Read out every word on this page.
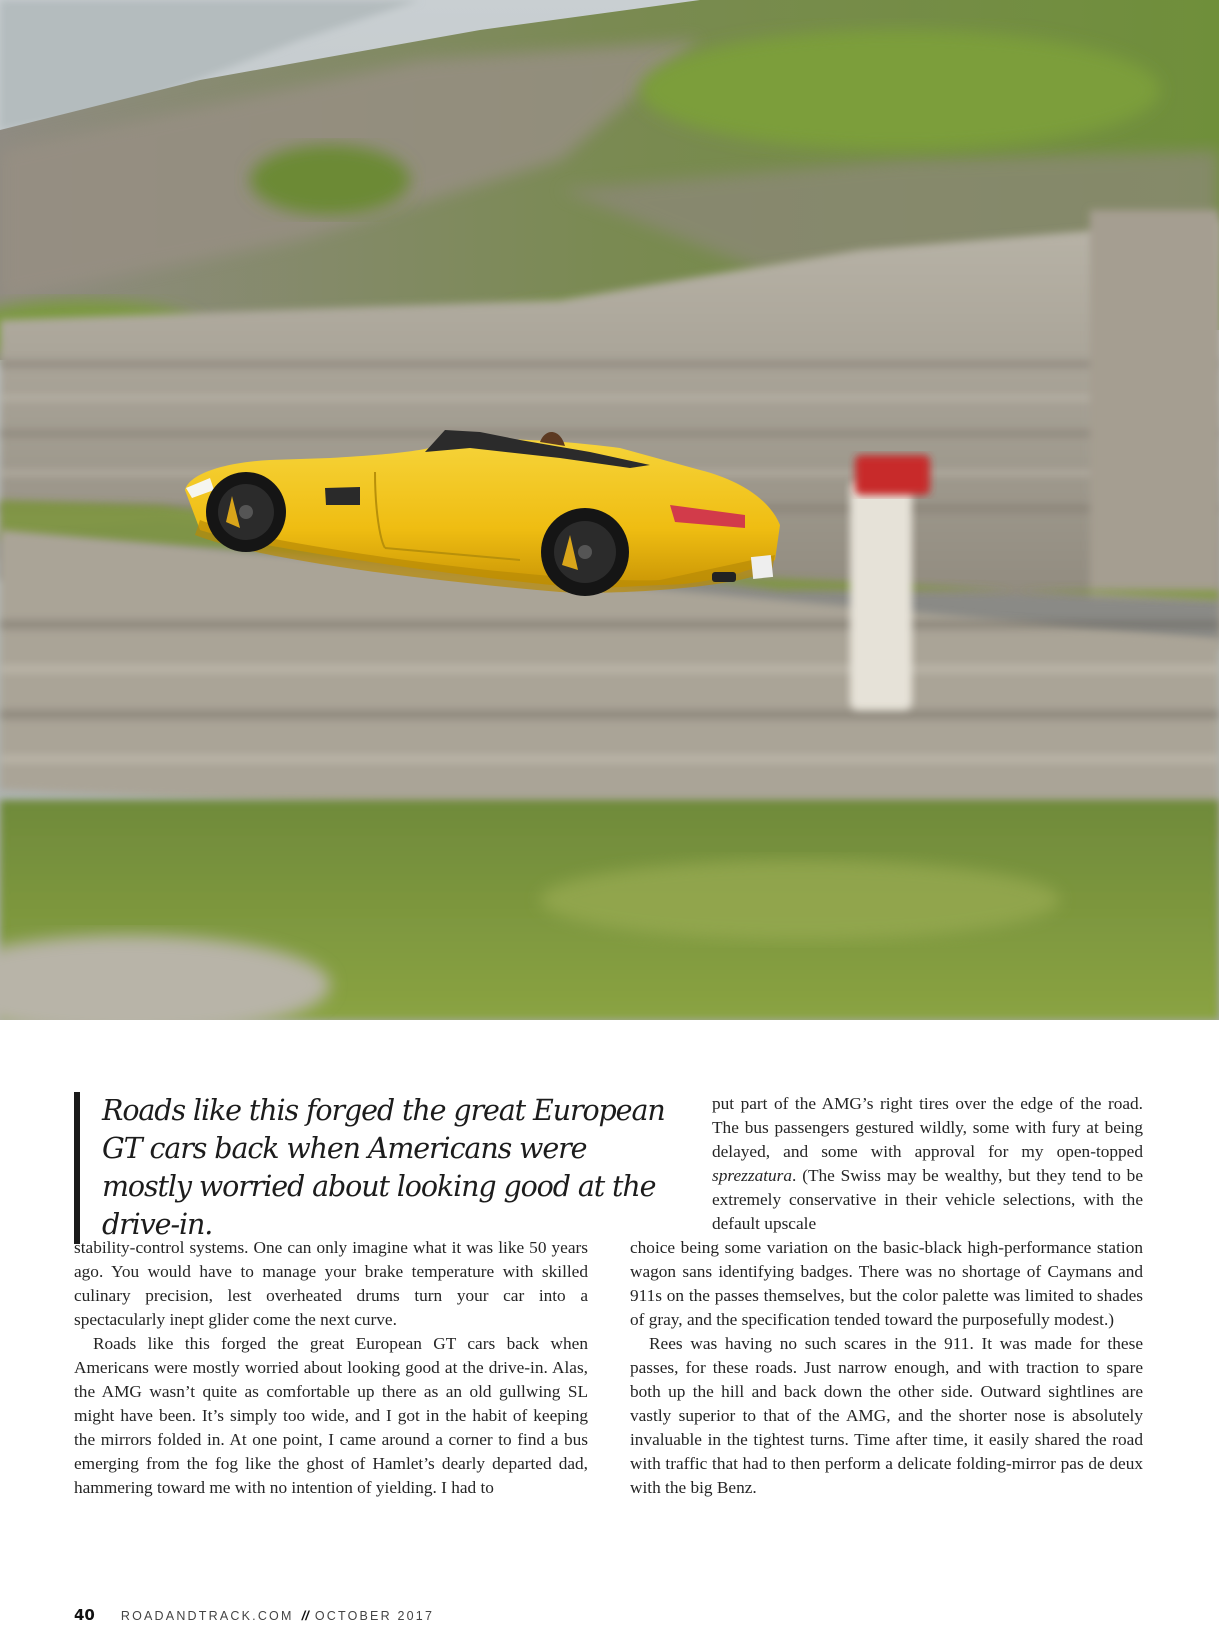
Roads like this forged the great European GT cars back when Americans were mostly worried about looking good at the drive-in.

put part of the AMG’s right tires over the edge of the road. The bus passengers gestured wildly, some with fury at being delayed, and some with approval for my open-topped sprezzatura. (The Swiss may be wealthy, but they tend to be extremely conservative in their vehicle selections, with the default upscale

stability-control systems. One can only imagine what it was like 50 years ago. You would have to manage your brake temperature with skilled culinary precision, lest overheated drums turn your car into a spectacularly inept glider come the next curve.

Roads like this forged the great European GT cars back when Americans were mostly worried about looking good at the drive-in. Alas, the AMG wasn’t quite as comfortable up there as an old gullwing SL might have been. It’s simply too wide, and I got in the habit of keeping the mirrors folded in. At one point, I came around a corner to find a bus emerging from the fog like the ghost of Hamlet’s dearly departed dad, hammering toward me with no intention of yielding. I had to

choice being some variation on the basic-black high-performance station wagon sans identifying badges. There was no shortage of Caymans and 911s on the passes themselves, but the color palette was limited to shades of gray, and the specification tended toward the purposefully modest.)

Rees was having no such scares in the 911. It was made for these passes, for these roads. Just narrow enough, and with traction to spare both up the hill and back down the other side. Outward sightlines are vastly superior to that of the AMG, and the shorter nose is absolutely invaluable in the tightest turns. Time after time, it easily shared the road with traffic that had to then perform a delicate folding-mirror pas de deux with the big Benz.

40 ROADANDTRACK.COM // OCTOBER 2017
